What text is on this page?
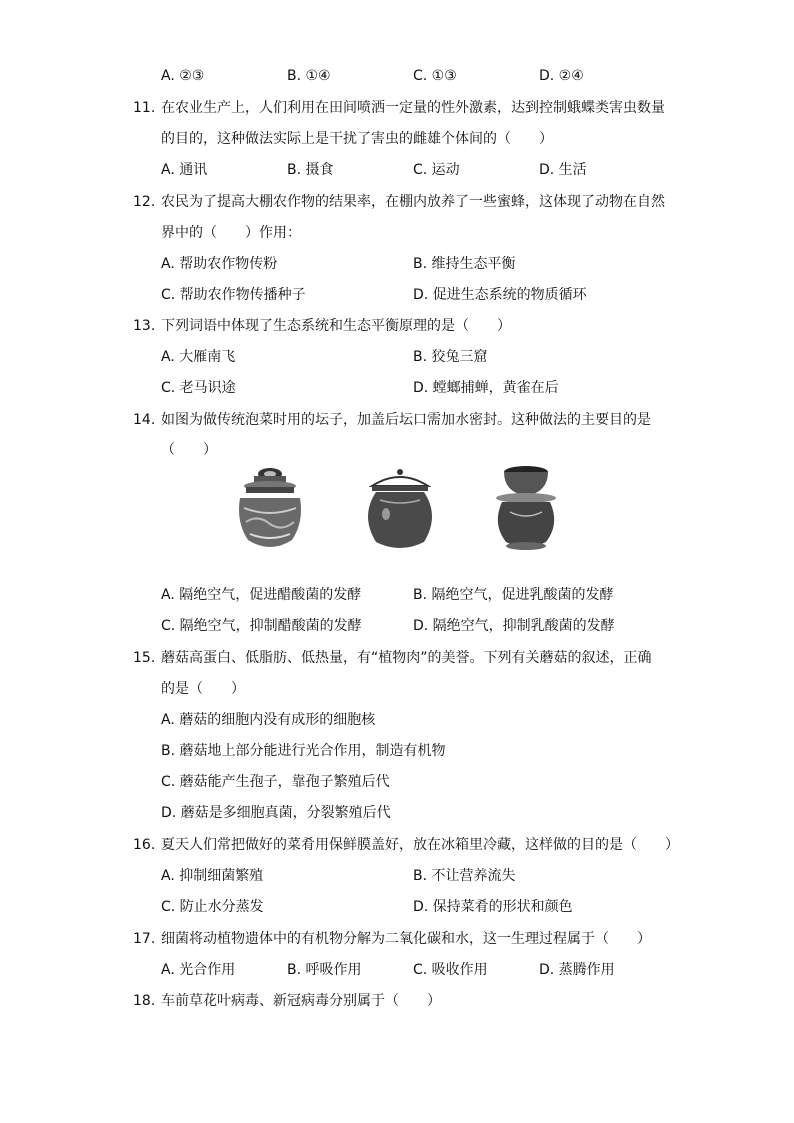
A. ②③	B. ①④	C. ①③	D. ②④
11. 在农业生产上，人们利用在田间喷洒一定量的性外激素，达到控制蛾蝶类害虫数量
的目的，这种做法实际上是干扰了害虫的雌雄个体间的（　　）
A. 通讯	B. 摄食	C. 运动	D. 生活
12. 农民为了提高大棚农作物的结果率，在棚内放养了一些蜜蜂，这体现了动物在自然
界中的（　　）作用：
A. 帮助农作物传粉	B. 维持生态平衡
C. 帮助农作物传播种子	D. 促进生态系统的物质循环
13. 下列词语中体现了生态系统和生态平衡原理的是（　　）
A. 大雁南飞	B. 狡兔三窟
C. 老马识途	D. 螳螂捕蝉，黄雀在后
14. 如图为做传统泡菜时用的坛子，加盖后坛口需加水密封。这种做法的主要目的是
（　　）
A. 隔绝空气，促进醋酸菌的发酵	B. 隔绝空气，促进乳酸菌的发酵
C. 隔绝空气，抑制醋酸菌的发酵	D. 隔绝空气，抑制乳酸菌的发酵
15. 蘑菇高蛋白、低脂肪、低热量，有“植物肉”的美誉。下列有关蘑菇的叙述，正确
的是（　　）
A. 蘑菇的细胞内没有成形的细胞核
B. 蘑菇地上部分能进行光合作用，制造有机物
C. 蘑菇能产生孢子，靠孢子繁殖后代
D. 蘑菇是多细胞真菌，分裂繁殖后代
16. 夏天人们常把做好的菜肴用保鲜膜盖好，放在冰箱里冷藏，这样做的目的是（　　）
A. 抑制细菌繁殖	B. 不让营养流失
C. 防止水分蒸发	D. 保持菜肴的形状和颜色
17. 细菌将动植物遗体中的有机物分解为二氧化碳和水，这一生理过程属于（　　）
A. 光合作用	B. 呼吸作用	C. 吸收作用	D. 蒸腾作用
18. 车前草花叶病毒、新冠病毒分别属于（　　）
